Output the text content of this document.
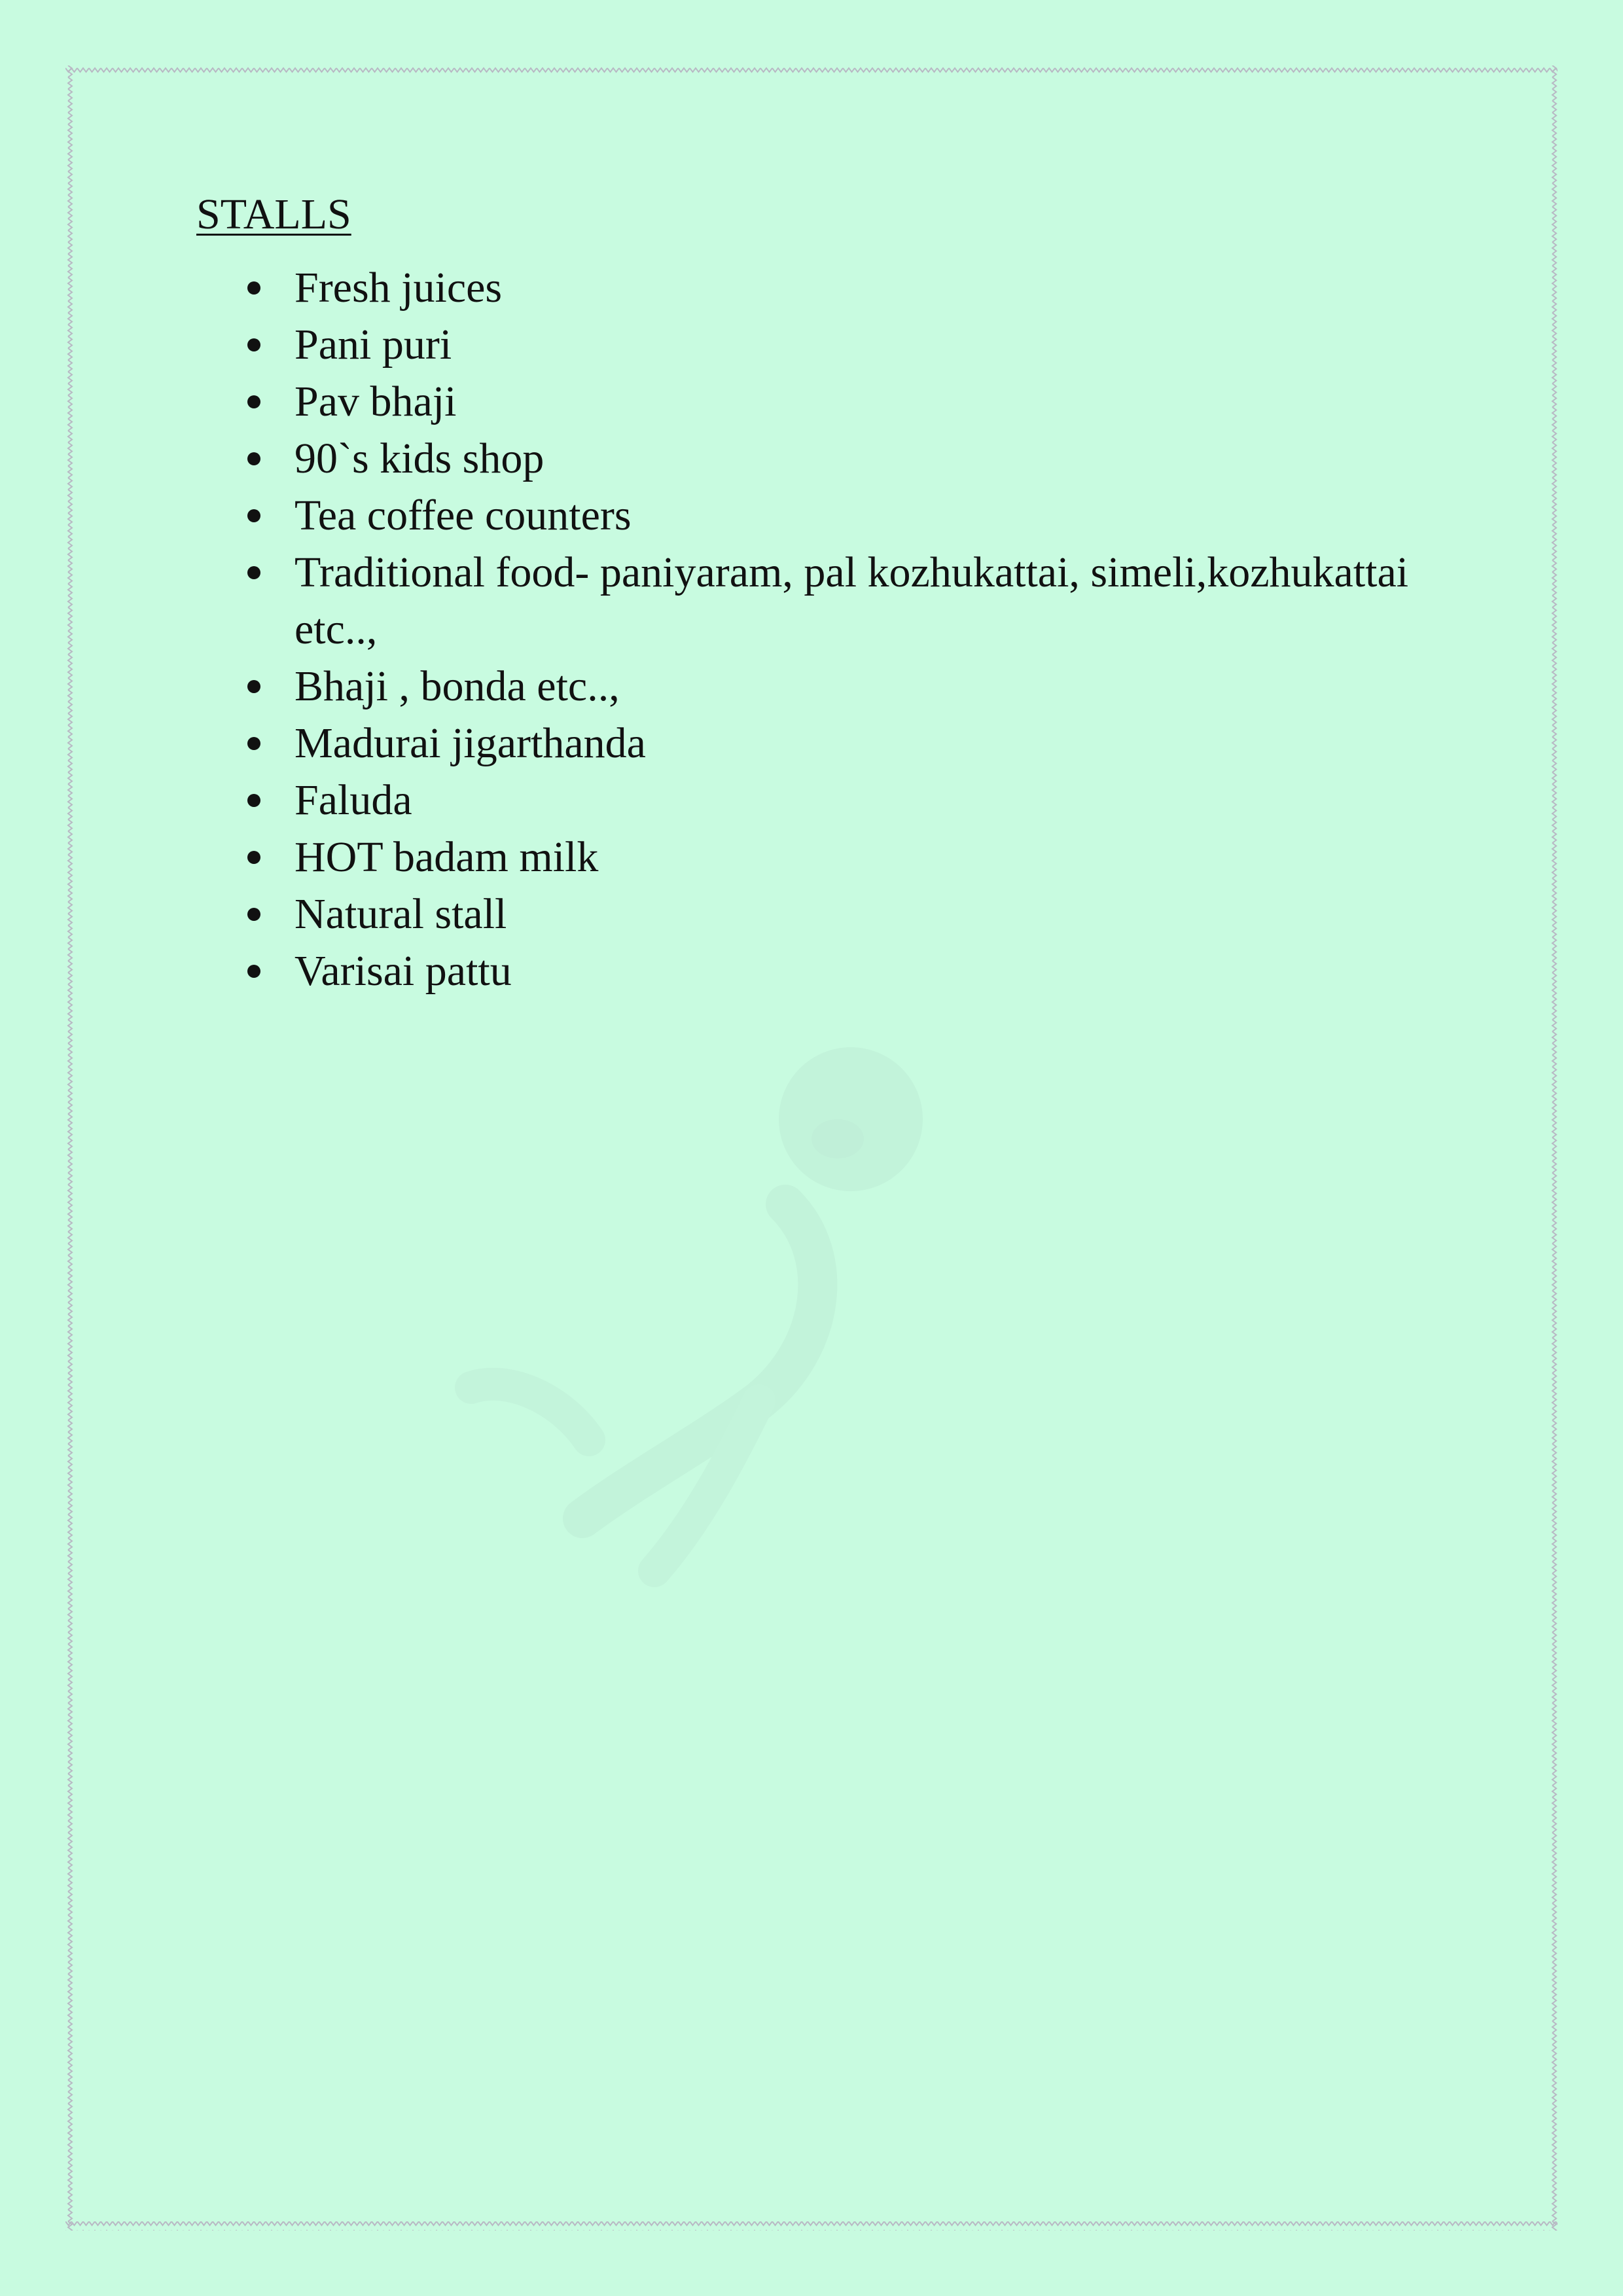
STALLS
Fresh juices
Pani puri
Pav bhaji
90`s kids shop
Tea coffee counters
Traditional food- paniyaram, pal kozhukattai, simeli,kozhukattai etc..,
Bhaji , bonda etc..,
Madurai jigarthanda
Faluda
HOT badam milk
Natural stall
Varisai pattu
